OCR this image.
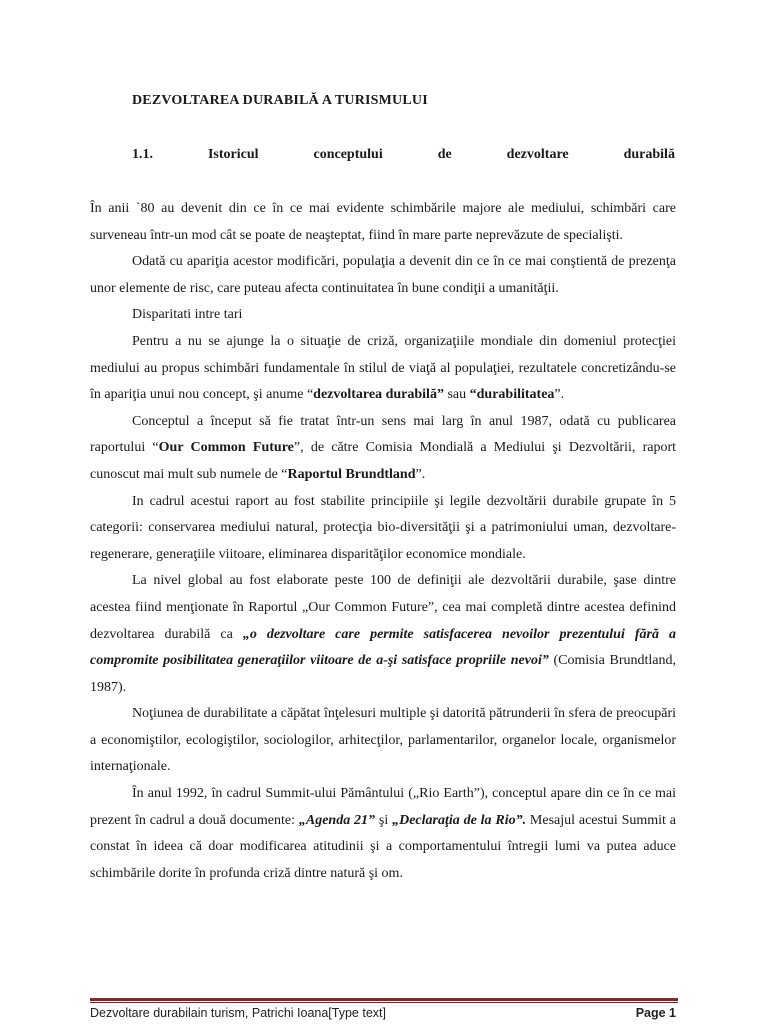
DEZVOLTAREA DURABILĂ A TURISMULUI
1.1.	Istoricul	conceptului	de	dezvoltare	durabilă

În anii `80 au devenit din ce în ce mai evidente schimbările majore ale mediului, schimbări care surveneau într-un mod cât se poate de neaşteptat, fiind în mare parte neprevăzute de specialişti.

Odată cu apariţia acestor modificări, populaţia a devenit din ce în ce mai conştientă de prezenţa unor elemente de risc, care puteau afecta continuitatea în bune condiţii a umanităţii.

Disparitati intre tari

Pentru a nu se ajunge la o situaţie de criză, organizaţiile mondiale din domeniul protecţiei mediului au propus schimbări fundamentale în stilul de viaţă al populaţiei, rezultatele concretizându-se în apariţia unui nou concept, şi anume “dezvoltarea durabilă” sau “durabilitatea”.

Conceptul a început să fie tratat într-un sens mai larg în anul 1987, odată cu publicarea raportului “Our Common Future”, de către Comisia Mondială a Mediului şi Dezvoltării, raport cunoscut mai mult sub numele de “Raportul Brundtland”.

In cadrul acestui raport au fost stabilite principiile şi legile dezvoltării durabile grupate în 5 categorii: conservarea mediului natural, protecţia bio-diversităţii şi a patrimoniului uman, dezvoltare-regenerare, generaţiile viitoare, eliminarea disparităţilor economice mondiale.

La nivel global au fost elaborate peste 100 de definiţii ale dezvoltării durabile, şase dintre acestea fiind menţionate în Raportul „Our Common Future”, cea mai completă dintre acestea definind dezvoltarea durabilă ca „o dezvoltare care permite satisfacerea nevoilor prezentului fără a compromite posibilitatea generaţiilor viitoare de a-şi satisface propriile nevoi” (Comisia Brundtland, 1987).

Noţiunea de durabilitate a căpătat înţelesuri multiple şi datorită pătrunderii în sfera de preocupări a economiştilor, ecologiştilor, sociologilor, arhitecţilor, parlamentarilor, organelor locale, organismelor internaţionale.

În anul 1992, în cadrul Summit-ului Pământului („Rio Earth”), conceptul apare din ce în ce mai prezent în cadrul a două documente: „Agenda 21” şi „Declaraţia de la Rio”. Mesajul acestui Summit a constat în ideea că doar modificarea atitudinii şi a comportamentului întregii lumi va putea aduce schimbările dorite în profunda criză dintre natură şi om.

Dezvoltare durabilain turism, Patrichi Ioana[Type text]	Page 1
